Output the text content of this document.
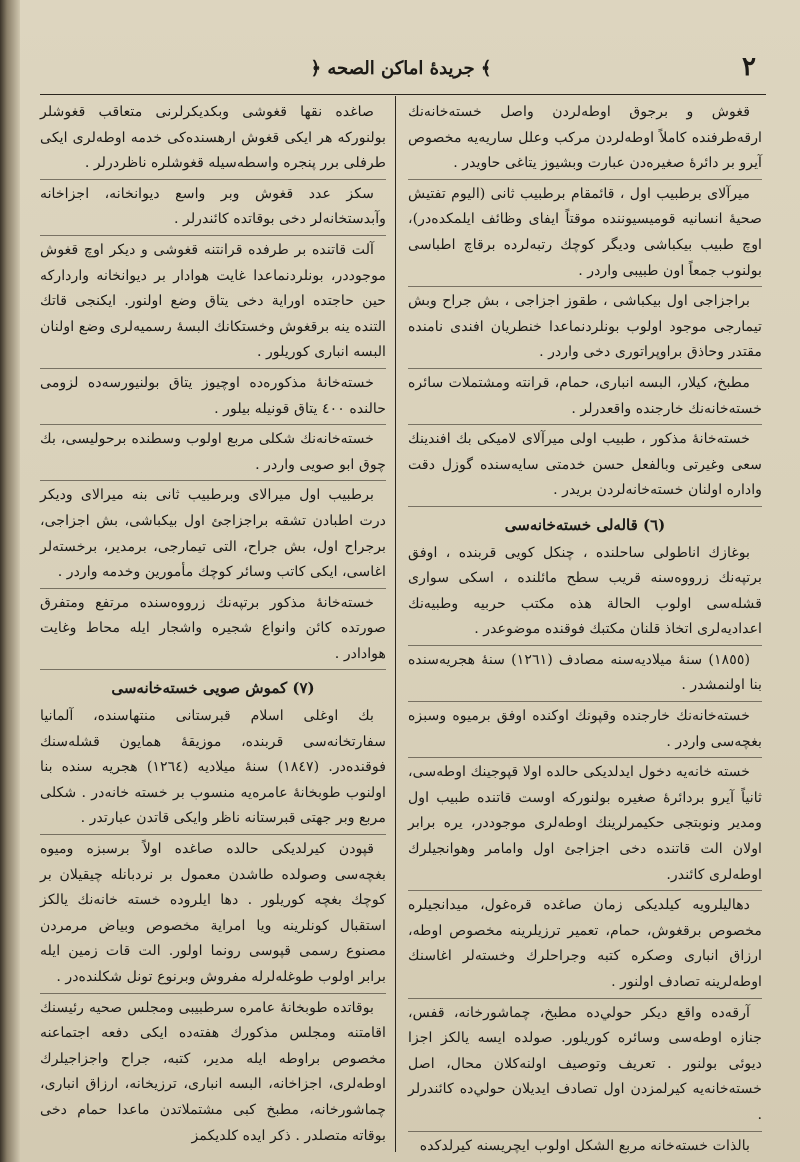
٢
﴿ جريدهٔ اماكن الصحه ﴾

قغوش و برجوق اوطه‌لردن واصل خسته‌خانه‌نك ارقه‌طرفنده كاملاً اوطه‌لردن مركب وعلل ساريه‌يه مخصوص آيرو بر دائرهٔ صغيره‌دن عبارت وبشيوز يتاغى حاويدر .

ميرآلاى برطبيب اول ، قائمقام برطبيب ثانى (اليوم تفتيش صحيهٔ انسانيه قوميسيوننده موقتاً ايفاى وظائف ايلمكده‌در)، اوچ طبيب بيكباشى وديگر كوچك رتبه‌لرده برقاچ اطباسى بولنوب جمعاً اون طبيبى واردر .

براجزاجى اول بيكباشى ، طقوز اجزاجى ، بش جراح وبش تيمارجى موجود اولوب بونلردنماعدا خنطريان افندى نامنده مقتدر وحاذق براوپراتورى دخى واردر .

مطبخ، كيلار، البسه انبارى، حمام، قرانته ومشتملات سائره خسته‌خانه‌نك خارجنده واقعدرلر .

خسته‌خانهٔ مذكور ، طبيب اولى ميرآلاى لاميكى بك افندينك سعى وغيرتى وبالفعل حسن خدمتى سايه‌سنده گوزل دقت واداره اولنان خسته‌خانه‌لردن بريدر .

(٦) قاله‌لى خسته‌خانه‌سى

بوغازك اناطولى ساحلنده ، چنكل كويى قربنده ، اوفق برتپه‌نك زرووه‌سنه قريب سطح مائلنده ، اسكى سوارى قشله‌سى اولوب الحالة هذه مكتب حربيه وطبيه‌نك اعداديه‌لرى اتخاذ قلنان مكتبك فوقنده موضوعدر .

(١٨٥٥) سنهٔ ميلاديه‌سنه مصادف (١٢٦١) سنهٔ هجريه‌سنده بنا اولنمشدر .

خسته‌خانه‌نك خارجنده وقپونك اوكنده اوفق برميوه وسبزه بغچه‌سى واردر .

خسته خانه‌يه دخول ايدلديكى حالده اولا قپوجينك اوطه‌سى، ثانياً آيرو بردائرهٔ صغيره بولنوركه اوست قاتنده طبيب اول ومدير ونوبتجى حكيمرلرينك اوطه‌لرى موجوددر، يره برابر اولان الت قاتنده دخى اجزاجئ اول وامامر وهوانجيلرك اوطه‌لرى كائندر.

دهاليلرويه كيلديكى زمان صاغده قره‌غول، ميدانجيلره مخصوص برقغوش، حمام، تعمير ترزيلرينه مخصوص اوطه، ارزاق انبارى وصكره كتبه وجراحلرك وخسته‌لر اغاسنك اوطه‌لرينه تصادف اولنور .

آرقه‌ده واقع ديكر حولي‌ده مطبخ، چماشورخانه، قفس، جنازه اوطه‌سى وسائره كوريلور. صولده ايسه يالكز اجزا ديوئى بولنور . تعريف وتوصيف اولنه‌كلان محال، اصل خسته‌خانه‌يه كيرلمزدن اول تصادف ايديلان حولي‌ده كائندرلر .

بالذات خسته‌خانه مربع الشكل اولوب ايچريسنه كيرلدكده

صاغده نقها قغوشى وبكديكرلرنى متعاقب قغوشلر بولنوركه هر ايكى قغوش ارهسنده‌كى خدمه اوطه‌لرى ايكى طرفلى برر پنجره واسطه‌سيله قغوشلره ناظردرلر .

سكز عدد قغوش وبر واسع ديوانخانه، اجزاخانه وآبدستخانه‌لر دخى بوقاتده كائندرلر .

آلت قاتنده بر طرفده قرانتنه قغوشى و ديكر اوچ قغوش موجوددر، بونلردنماعدا غايت هوادار بر ديوانخانه وارداركه حين حاجتده اوراية دخى يتاق وضع اولنور. ايكنجى قاتك التنده ينه برقغوش وخستكانك البسهٔ رسميه‌لرى وضع اولنان البسه انبارى كوريلور .

خسته‌خانهٔ مذكوره‌ده اوچيوز يتاق بولنيورسه‌ده لزومى حالنده ٤٠٠ يتاق قونيله بيلور .

خسته‌خانه‌نك شكلى مربع اولوب وسطنده برحوليسى، بك چوق ابو صويى واردر .

برطبيب اول ميرالاى وبرطبيب ثانى بنه ميرالاى وديكر درت اطبادن تشقه براجزاجئ اول بيكباشى، بش اجزاجى، برجراح اول، بش جراح، التى تيمارجى، برمدير، برخسته‌لر اغاسى، ايكى كاتب وسائر كوچك مأمورين وخدمه واردر .

خسته‌خانهٔ مذكور برتپه‌نك زرووه‌سنده مرتفع ومتفرق صورتده كائن وانواع شجيره واشجار ايله محاط وغايت هوادادر .

(٧) كموش صويى خسته‌خانه‌سى

بك اوغلى اسلام قبرستانى منتهاسنده، آلمانيا سفارتخانه‌سى قربنده، موزيقهٔ همايون قشله‌سنك فوقنده‌در. (١٨٤٧) سنهٔ ميلاديه (١٢٦٤) هجريه سنده بنا اولنوب طوبخانهٔ عامره‌يه منسوب بر خسته خانه‌در . شكلى مربع وبر جهتى قبرستانه ناظر وايكى قاتدن عبارتدر .

قپودن كيرلديكى حالده صاغده اولاً برسبزه وميوه بغچه‌سى وصولده طاشدن معمول بر نردبانله چيقيلان بر كوچك بغچه كوريلور . دها ايلروده خسته خانه‌نك يالكز استقبال كونلرينه ويا امراية مخصوص وبياض مرمردن مصنوع رسمى قپوسى رونما اولور. الت قات زمين ايله برابر اولوب طوغله‌لرله مفروش وبرنوع تونل شكلنده‌در .

بوقاتده طوبخانهٔ عامره سرطبيبى ومجلس صحيه رئيسنك اقامتنه ومجلس مذكورك هفته‌ده ايكى دفعه اجتماعنه مخصوص براوطه ايله مدير، كتبه، جراح واجزاجيلرك اوطه‌لرى، اجزاخانه، البسه انبارى، ترزيخانه، ارزاق انبارى، چماشورخانه، مطبخ كبى مشتملاتدن ماعدا حمام دخى بوقاته متصلدر . ذكر ايده كلديكمز
